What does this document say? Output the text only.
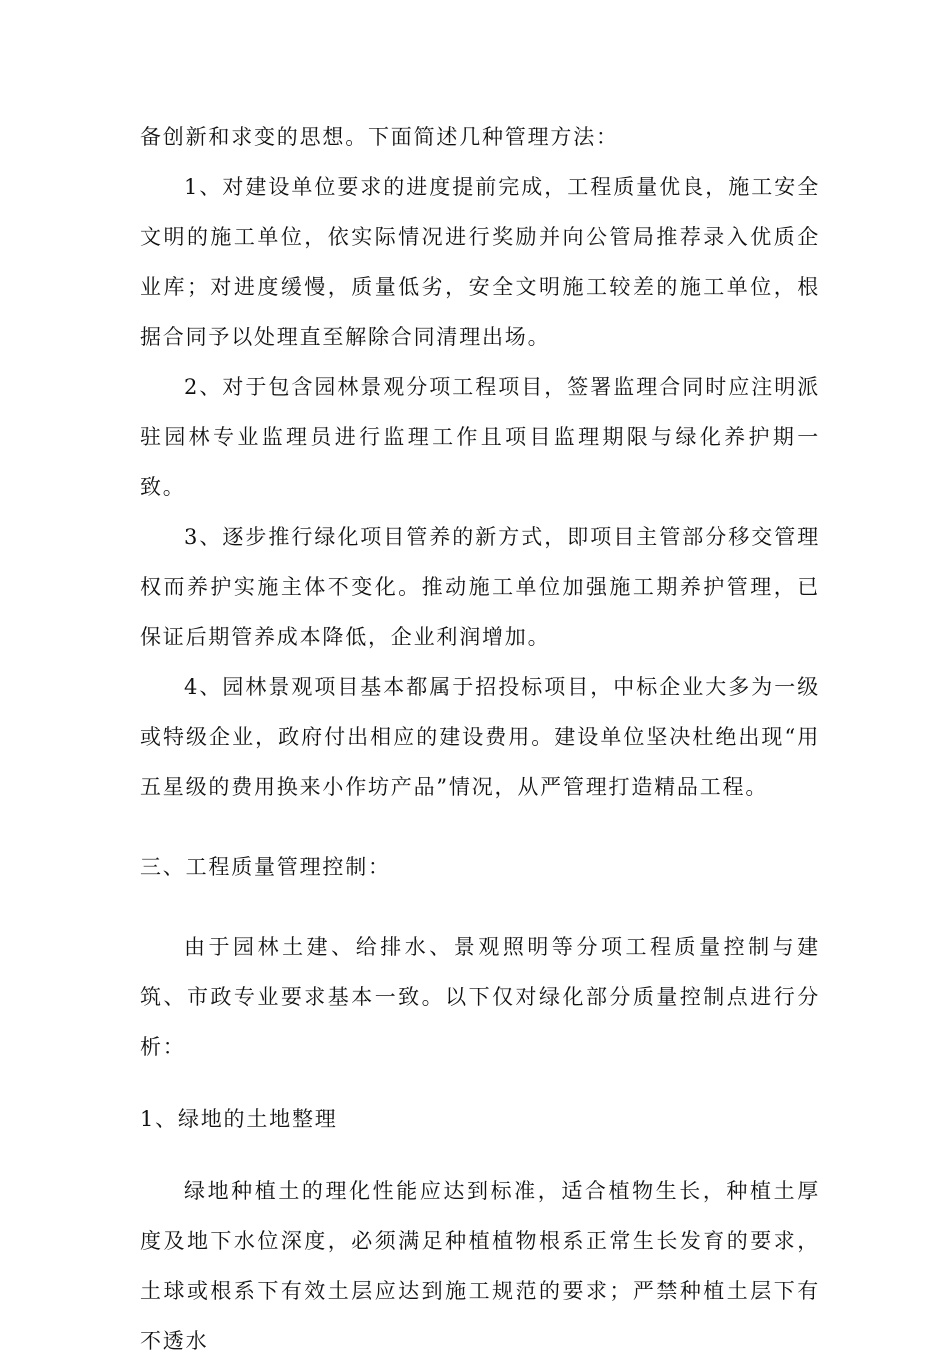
备创新和求变的思想。下面简述几种管理方法：

1、对建设单位要求的进度提前完成，工程质量优良，施工安全文明的施工单位，依实际情况进行奖励并向公管局推荐录入优质企业库；对进度缓慢，质量低劣，安全文明施工较差的施工单位，根据合同予以处理直至解除合同清理出场。

2、对于包含园林景观分项工程项目，签署监理合同时应注明派驻园林专业监理员进行监理工作且项目监理期限与绿化养护期一致。

3、逐步推行绿化项目管养的新方式，即项目主管部分移交管理权而养护实施主体不变化。推动施工单位加强施工期养护管理，已保证后期管养成本降低，企业利润增加。

4、园林景观项目基本都属于招投标项目，中标企业大多为一级或特级企业，政府付出相应的建设费用。建设单位坚决杜绝出现“用五星级的费用换来小作坊产品”情况，从严管理打造精品工程。

三、工程质量管理控制：

由于园林土建、给排水、景观照明等分项工程质量控制与建筑、市政专业要求基本一致。以下仅对绿化部分质量控制点进行分析：

1、绿地的土地整理

绿地种植土的理化性能应达到标准，适合植物生长，种植土厚度及地下水位深度，必须满足种植植物根系正常生长发育的要求，土球或根系下有效土层应达到施工规范的要求；严禁种植土层下有不透水
